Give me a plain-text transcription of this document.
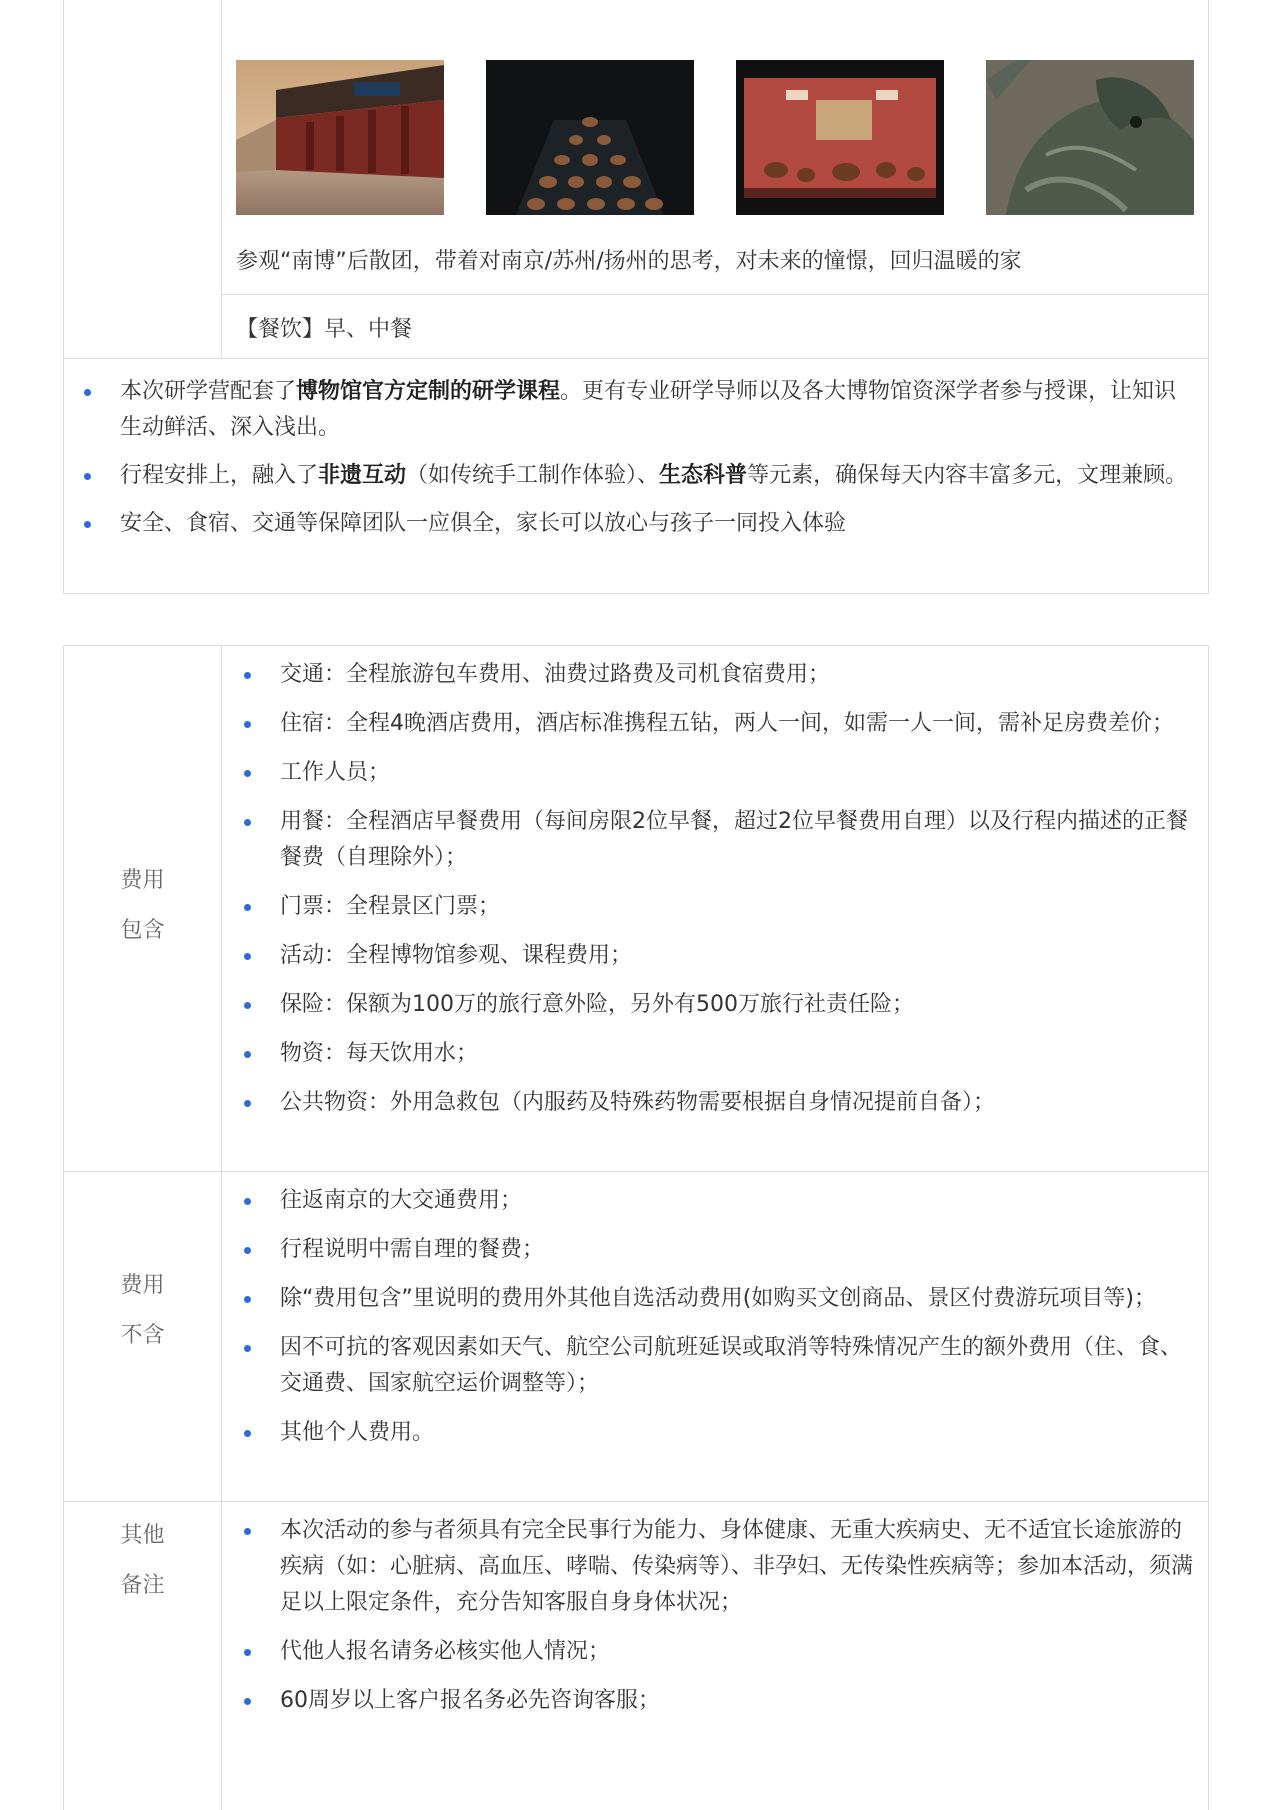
参观“南博”后散团，带着对南京/苏州/扬州的思考，对未来的憧憬，回归温暖的家
【餐饮】早、中餐
本次研学营配套了博物馆官方定制的研学课程。更有专业研学导师以及各大博物馆资深学者参与授课，让知识生动鲜活、深入浅出。
行程安排上，融入了非遗互动（如传统手工制作体验）、生态科普等元素，确保每天内容丰富多元，文理兼顾。
安全、食宿、交通等保障团队一应俱全，家长可以放心与孩子一同投入体验
费用
包含
交通：全程旅游包车费用、油费过路费及司机食宿费用；
住宿：全程4晚酒店费用，酒店标准携程五钻，两人一间，如需一人一间，需补足房费差价；
工作人员；
用餐：全程酒店早餐费用（每间房限2位早餐，超过2位早餐费用自理）以及行程内描述的正餐餐费（自理除外）；
门票：全程景区门票；
活动：全程博物馆参观、课程费用；
保险：保额为100万的旅行意外险，另外有500万旅行社责任险；
物资：每天饮用水；
公共物资：外用急救包（内服药及特殊药物需要根据自身情况提前自备）；
费用
不含
往返南京的大交通费用；
行程说明中需自理的餐费；
除“费用包含”里说明的费用外其他自选活动费用(如购买文创商品、景区付费游玩项目等)；
因不可抗的客观因素如天气、航空公司航班延误或取消等特殊情况产生的额外费用（住、食、交通费、国家航空运价调整等）；
其他个人费用。
其他
备注
本次活动的参与者须具有完全民事行为能力、身体健康、无重大疾病史、无不适宜长途旅游的疾病（如：心脏病、高血压、哮喘、传染病等）、非孕妇、无传染性疾病等；参加本活动，须满足以上限定条件，充分告知客服自身身体状况；
代他人报名请务必核实他人情况；
60周岁以上客户报名务必先咨询客服；
